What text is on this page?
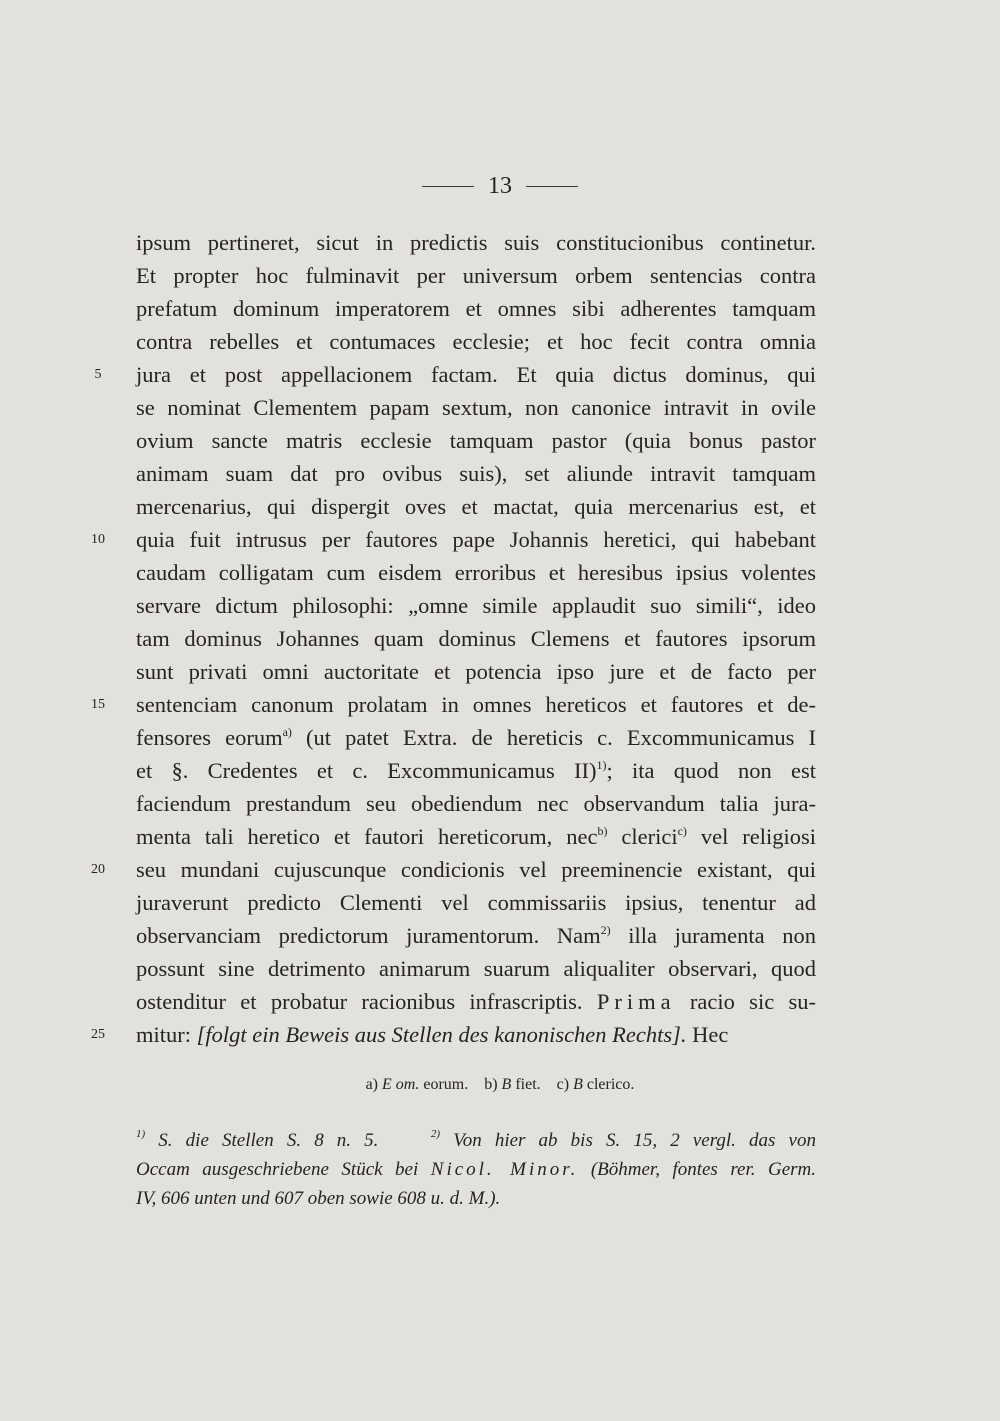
13
ipsum pertineret, sicut in predictis suis constitucionibus continetur.
Et propter hoc fulminavit per universum orbem sentencias contra
prefatum dominum imperatorem et omnes sibi adherentes tamquam
contra rebelles et contumaces ecclesie; et hoc fecit contra omnia
jura et post appellacionem factam. Et quia dictus dominus, qui
se nominat Clementem papam sextum, non canonice intravit in ovile
ovium sancte matris ecclesie tamquam pastor (quia bonus pastor
animam suam dat pro ovibus suis), set aliunde intravit tamquam
mercenarius, qui dispergit oves et mactat, quia mercenarius est, et
quia fuit intrusus per fautores pape Johannis heretici, qui habebant
caudam colligatam cum eisdem erroribus et heresibus ipsius volentes
servare dictum philosophi: „omne simile applaudit suo simili“, ideo
tam dominus Johannes quam dominus Clemens et fautores ipsorum
sunt privati omni auctoritate et potencia ipso jure et de facto per
sentenciam canonum prolatam in omnes hereticos et fautores et de-
fensores eorum$^{a)}$ (ut patet Extra. de hereticis c. Excommunicamus I
et §. Credentes et c. Excommunicamus II)$^{1)}$; ita quod non est
faciendum prestandum seu obediendum nec observandum talia jura-
menta tali heretico et fautori hereticorum, nec$^{b)}$ clerici$^{c)}$ vel religiosi
seu mundani cujuscunque condicionis vel preeminencie existant, qui
juraverunt predicto Clementi vel commissariis ipsius, tenentur ad
observanciam predictorum juramentorum. Nam$^{2)}$ illa juramenta non
possunt sine detrimento animarum suarum aliqualiter observari, quod
ostenditur et probatur racionibus infrascriptis. Prima racio sic su-
mitur: [folgt ein Beweis aus Stellen des kanonischen Rechts]. Hec
5
10
15
20
25
a) E om. eorum. b) B fiet. c) B clerico.
$^{1)}$ S. die Stellen S. 8 n. 5.	$^{2)}$ Von hier ab bis S. 15, 2 vergl. das von
Occam ausgeschriebene Stück bei Nicol. Minor. (Böhmer, fontes rer. Germ.
IV, 606 unten und 607 oben sowie 608 u. d. M.).
